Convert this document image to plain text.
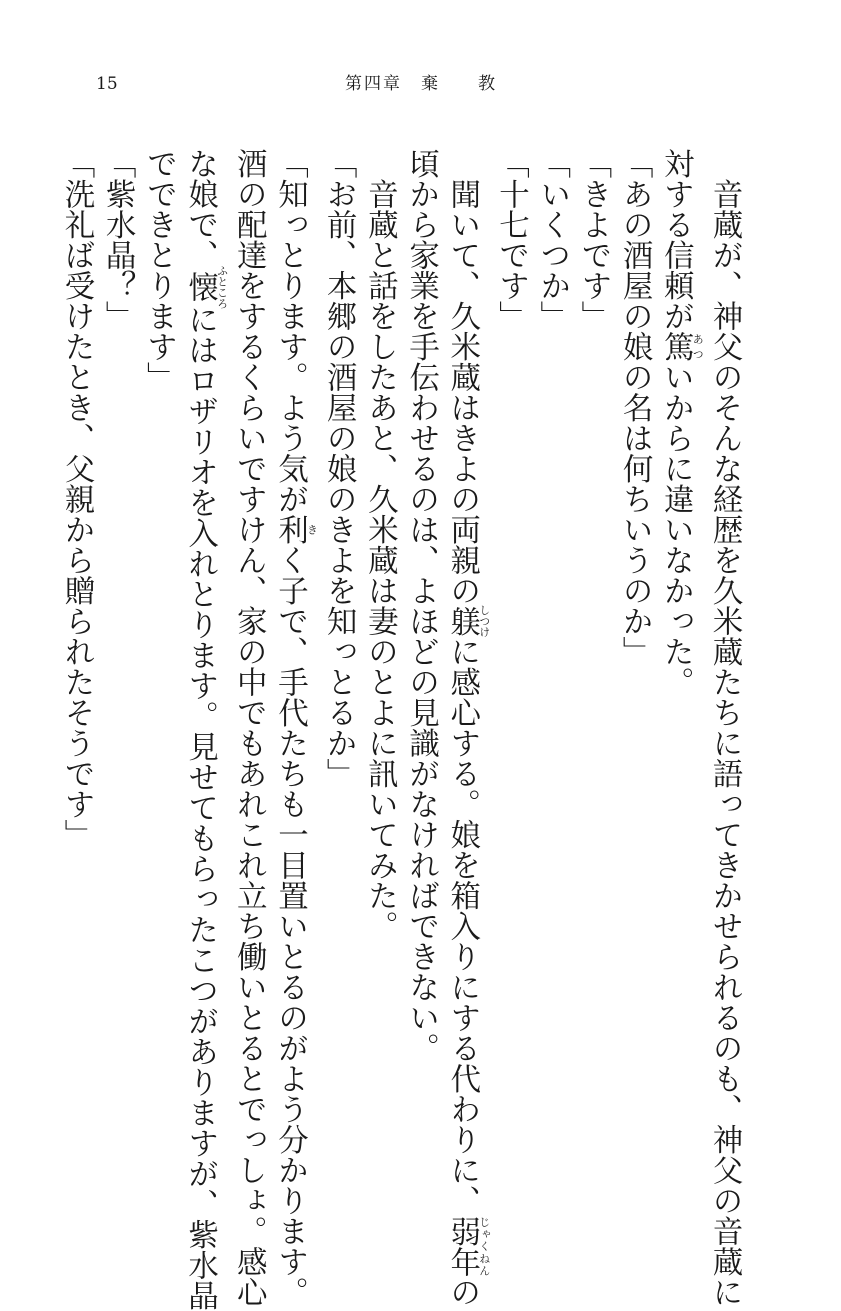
15	第四章　棄　　教
　音蔵が、神父のそんな経歴を久米蔵たちに語ってきかせられるのも、神父の音蔵に
対する信頼が篤あついからに違いなかった。
「あの酒屋の娘の名は何ちいうのか」
「きよです」
「いくつか」
「十七です」
　聞いて、久米蔵はきよの両親の躾しつけに感心する。娘を箱入りにする代わりに、弱年じゃくねんの
頃から家業を手伝わせるのは、よほどの見識がなければできない。
　音蔵と話をしたあと、久米蔵は妻のとよに訊いてみた。
「お前、本郷の酒屋の娘のきよを知っとるか」
「知っとります。よう気が利きく子で、手代たちも一目置いとるのがよう分かります。
酒の配達をするくらいですけん、家の中でもあれこれ立ち働いとるとでっしょ。感心
な娘で、懐ふところにはロザリオを入れとります。見せてもらったこつがありますが、紫水晶
でできとります」
「紫水晶？」
「洗礼ば受けたとき、父親から贈られたそうです」
